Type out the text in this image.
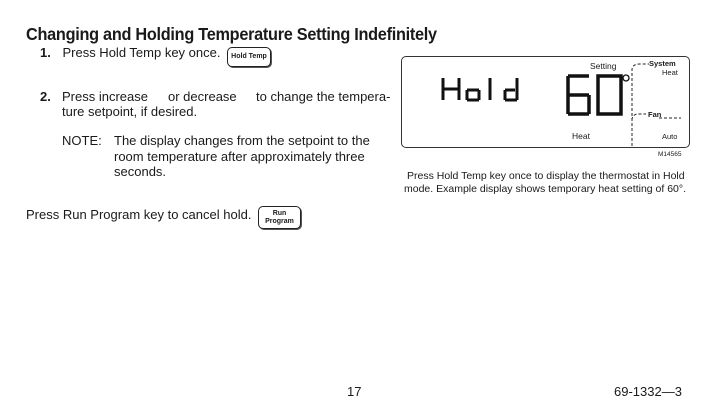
Changing and Holding Temperature Setting Indefinitely
1. Press Hold Temp key once. Hold Temp
2. Press increase or decrease to change the tempera-
ture setpoint, if desired.
NOTE: The display changes from the setpoint to the
room temperature after approximately three
seconds.
Press Run Program key to cancel hold.	Run
Program
Setting
Heat
System
Heat
Fan
Auto
M14565
Press Hold Temp key once to display the thermostat in Hold
mode. Example display shows temporary heat setting of 60°.
17	69-1332—3
